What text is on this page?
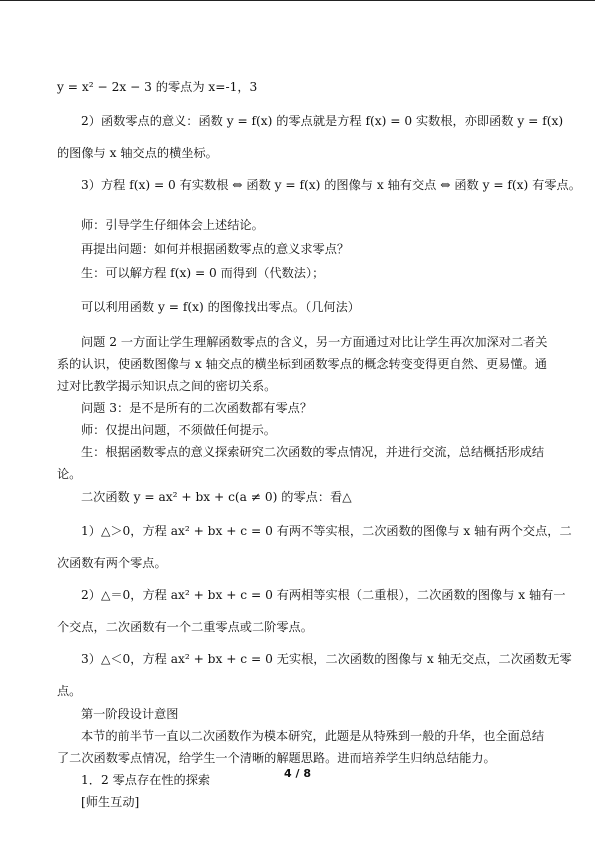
y = x² − 2x − 3 的零点为 x=-1，3
2）函数零点的意义：函数 y = f(x) 的零点就是方程 f(x) = 0 实数根，亦即函数 y = f(x)
的图像与 x 轴交点的横坐标。
3）方程 f(x) = 0 有实数根 ⇔ 函数 y = f(x) 的图像与 x 轴有交点 ⇔ 函数 y = f(x) 有零点。
师：引导学生仔细体会上述结论。
再提出问题：如何并根据函数零点的意义求零点？
生：可以解方程 f(x) = 0 而得到（代数法）；
可以利用函数 y = f(x) 的图像找出零点。（几何法）
问题 2 一方面让学生理解函数零点的含义，另一方面通过对比让学生再次加深对二者关
系的认识，使函数图像与 x 轴交点的横坐标到函数零点的概念转变变得更自然、更易懂。通
过对比教学揭示知识点之间的密切关系。
问题 3：是不是所有的二次函数都有零点？
师：仅提出问题，不须做任何提示。
生：根据函数零点的意义探索研究二次函数的零点情况，并进行交流，总结概括形成结
论。
二次函数 y = ax² + bx + c(a ≠ 0) 的零点：看△
1）△＞0，方程 ax² + bx + c = 0 有两不等实根，二次函数的图像与 x 轴有两个交点，二
次函数有两个零点。
2）△＝0，方程 ax² + bx + c = 0 有两相等实根（二重根），二次函数的图像与 x 轴有一
个交点，二次函数有一个二重零点或二阶零点。
3）△＜0，方程 ax² + bx + c = 0 无实根，二次函数的图像与 x 轴无交点，二次函数无零
点。
第一阶段设计意图
本节的前半节一直以二次函数作为模本研究，此题是从特殊到一般的升华，也全面总结
了二次函数零点情况，给学生一个清晰的解题思路。进而培养学生归纳总结能力。
1．2 零点存在性的探索
[师生互动]
4 / 8
